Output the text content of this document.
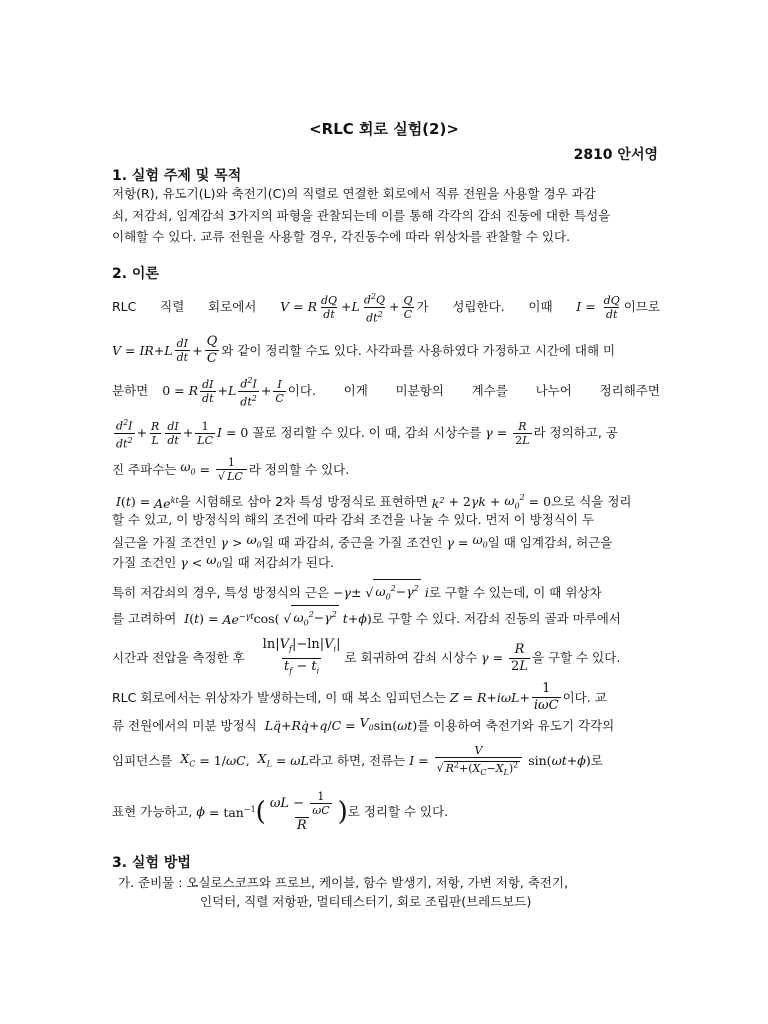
<RLC 회로 실험(2)>
2810 안서영
1. 실험 주제 및 목적
저항(R), 유도기(L)와 축전기(C)의 직렬로 연결한 회로에서 직류 전원을 사용할 경우 과감
쇠, 저감쇠, 임계감쇠 3가지의 파형을 관찰되는데 이를 통해 각각의 감쇠 진동에 대한 특성을
이해할 수 있다. 교류 전원을 사용할 경우, 각진동수에 따라 위상차를 관찰할 수 있다.
2. 이론
RLC 직렬 회로에서 V = R $\frac{dQ}{dt} + L \frac{d^2Q}{dt^2} + \frac{Q}{C}$ 가 성립한다. 이때 $I = \frac{dQ}{dt}$ 이므로
V = IR + L $\frac{dI}{dt} + \frac{Q}{C}$ 와 같이 정리할 수도 있다. 사각파를 사용하였다 가정하고 시간에 대해 미
분하면 0 = R $\frac{dI}{dt} + L \frac{d^2I}{dt^2} + \frac{I}{C}$ 이다. 이게 미분항의 계수를 나누어 정리해주면
$\frac{d^2I}{dt^2} + \frac{R}{L} \frac{dI}{dt} + \frac{1}{LC}$ I = 0 꼴로 정리할 수 있다. 이 때, 감쇠 시상수를 $\gamma = \frac{R}{2L}$ 라 정의하고, 공
진 주파수는 $\omega_0 = \frac{1}{√ LC}$ 라 정의할 수 있다.
I ( t ) = $Ae^{kt}$ 을 시험해로 삼아 2차 특성 방정식로 표현하면 $k^2 + 2$ $\gamma k + \omega_0^2 = 0$ 으로 식을 정리
할 수 있고, 이 방정식의 해의 조건에 따라 감쇠 조건을 나눌 수 있다. 먼저 이 방정식이 두
실근을 가질 조건인 $\gamma > \omega_0$ 일 때 과감쇠, 중근을 가질 조건인 $\gamma = \omega_0$ 일 때 임계감쇠, 허근을
가질 조건인 $\gamma < \omega_0$ 일 때 저감쇠가 된다.
특히 저감쇠의 경우, 특성 방정식의 근은 − γ ± √ $\omega_0^2-\gamma^2$ i 로 구할 수 있는데, 이 때 위상차
를 고려하여 I ( t ) = $Ae^{-\gamma t}$ cos( √ $\omega_0^2-\gamma^2$ t + ϕ ) 로 구할 수 있다. 저감쇠 진동의 골과 마루에서
시간과 전압을 측정한 후 $\frac{\ln|V_f|-\ln|V_i|}{t_f - t_i}$ 로 회귀하여 감쇠 시상수 $\gamma = \frac{R}{2L}$ 을 구할 수 있다.
RLC 회로에서는 위상차가 발생하는데, 이 때 복소 임피던스는 $Z = R + i\omega L + \frac{1}{\text{iωC}}$ 이다. 교
류 전원에서의 미분 방정식 Lq̈ + Rq̇ + $q / C = V_0$ sin( ωt ) 를 이용하여 축전기와 유도기 각각의
임피던스를 $X_C = 1/$ ωC , $X_L = \omega L$ 라고 하면, 전류는 $I = \frac{V}{√ R^2+(X_C-X_L)^2} \sin$( ωt + ϕ ) 로
표현 가능하고, $\phi = \tan^{-1}$ ( $\frac{\omega L - \frac{1}{\omega C}}{R}$ ) 로 정리할 수 있다.
3. 실험 방법
가. 준비물 : 오실로스코프와 프로브, 케이블, 함수 발생기, 저항, 가변 저항, 축전기,
인덕터, 직렬 저항판, 멀티테스터기, 회로 조립판(브레드보드)
